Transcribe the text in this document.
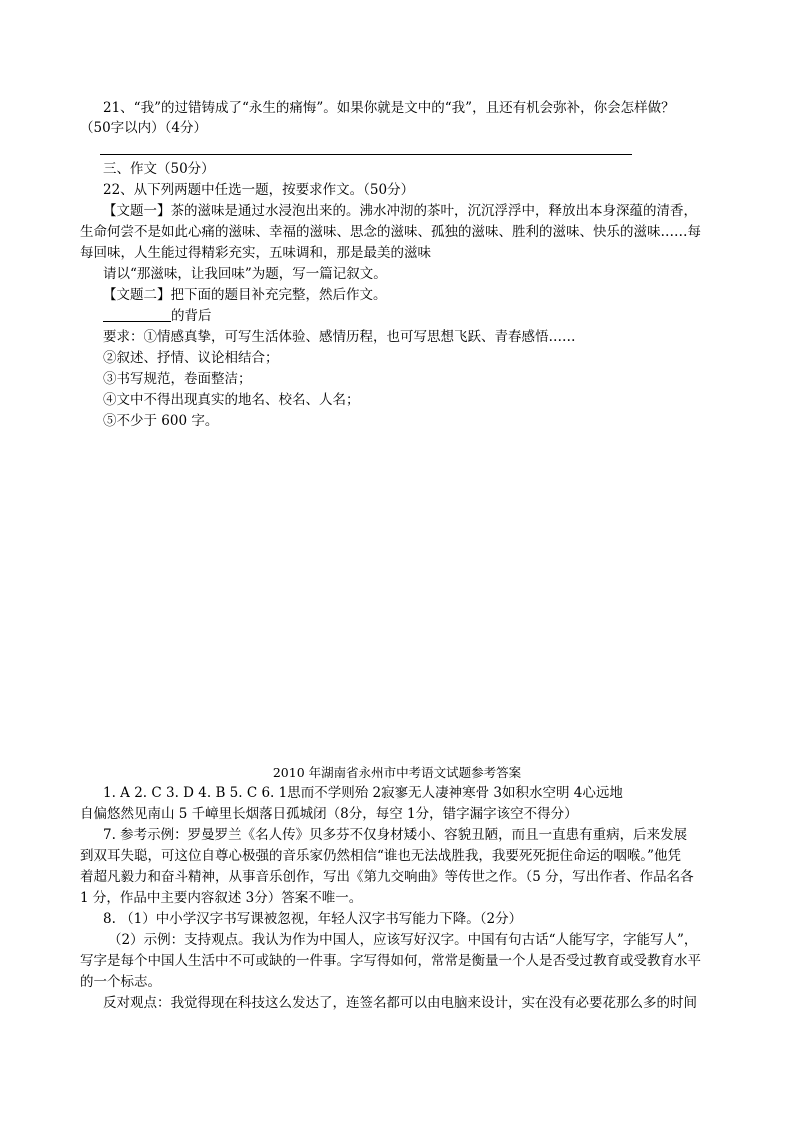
21、“我”的过错铸成了“永生的痛悔”。如果你就是文中的“我”，且还有机会弥补，你会怎样做？
（50字以内）（4分）
三、作文（50分）
22、从下列两题中任选一题，按要求作文。（50分）
【文题一】茶的滋味是通过水浸泡出来的。沸水冲沏的茶叶，沉沉浮浮中，释放出本身深蕴的清香，
生命何尝不是如此心痛的滋味、幸福的滋味、思念的滋味、孤独的滋味、胜利的滋味、快乐的滋味……每
每回味，人生能过得精彩充实，五味调和，那是最美的滋味
请以“那滋味，让我回味”为题，写一篇记叙文。
【文题二】把下面的题目补充完整，然后作文。
的背后
要求：①情感真挚，可写生活体验、感情历程，也可写思想飞跃、青春感悟……
②叙述、抒情、议论相结合；
③书写规范，卷面整洁；
④文中不得出现真实的地名、校名、人名；
⑤不少于 600 字。
2010 年湖南省永州市中考语文试题参考答案
1. A 2. C 3. D 4. B 5. C 6. 1思而不学则殆 2寂寥无人凄神寒骨 3如积水空明 4心远地
自偏悠然见南山 5 千嶂里长烟落日孤城闭（8分，每空 1分，错字漏字该空不得分）
7. 参考示例：罗曼罗兰《名人传》贝多芬不仅身材矮小、容貌丑陋，而且一直患有重病，后来发展
到双耳失聪，可这位自尊心极强的音乐家仍然相信“谁也无法战胜我，我要死死扼住命运的咽喉。”他凭
着超凡毅力和奋斗精神，从事音乐创作，写出《第九交响曲》等传世之作。（5 分，写出作者、作品名各
1 分，作品中主要内容叙述 3分）答案不唯一。
8. （1）中小学汉字书写课被忽视，年轻人汉字书写能力下降。（2分）
（2）示例：支持观点。我认为作为中国人，应该写好汉字。中国有句古话“人能写字，字能写人”，
写字是每个中国人生活中不可或缺的一件事。字写得如何，常常是衡量一个人是否受过教育或受教育水平
的一个标志。
反对观点：我觉得现在科技这么发达了，连签名都可以由电脑来设计，实在没有必要花那么多的时间
